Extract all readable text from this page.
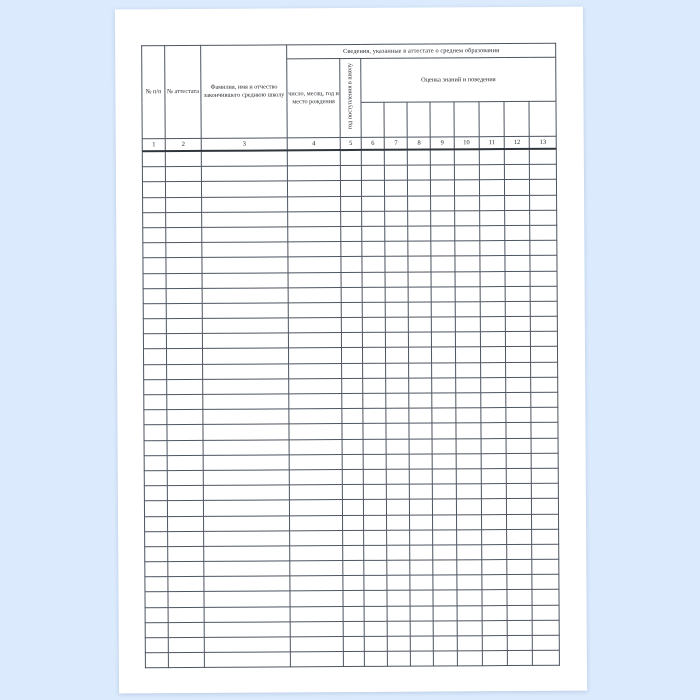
№ п/п	№ аттестата	Фамилия, имя и отчество закончившего среднюю школу	Сведения, указанные в аттестате о среднем образовании									
			число, месяц, год и место рождения	год поступления в школу	Оценка знаний и поведения							

1	2	3	4	5	6	7	8	9	10	11	12	13
